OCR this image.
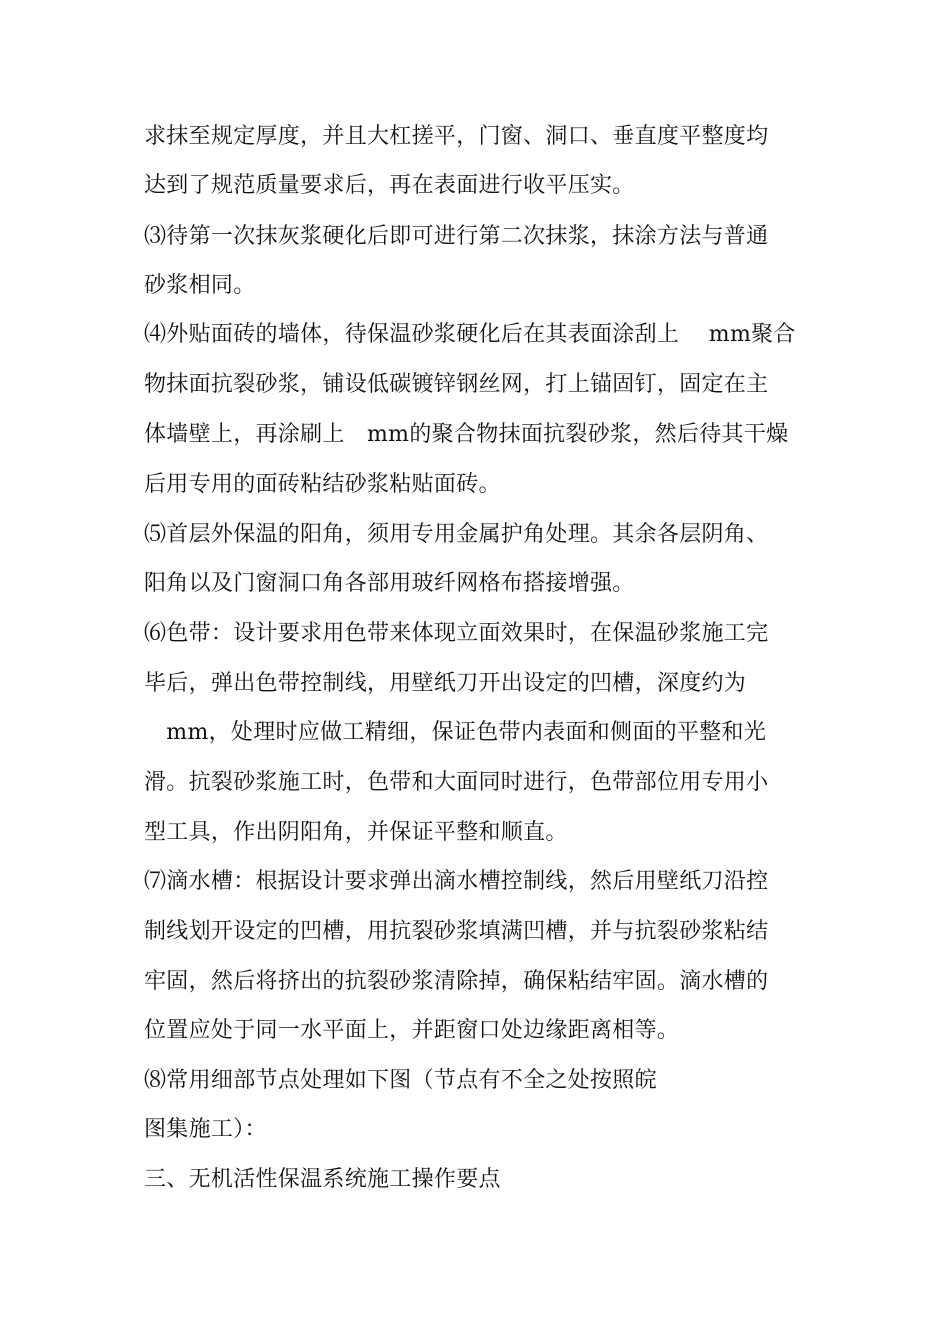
求抹至规定厚度，并且大杠搓平，门窗、洞口、垂直度平整度均
达到了规范质量要求后，再在表面进行收平压实。
⑶待第一次抹灰浆硬化后即可进行第二次抹浆，抹涂方法与普通
砂浆相同。
⑷外贴面砖的墙体，待保温砂浆硬化后在其表面涂刮上　 mm聚合
物抹面抗裂砂浆，铺设低碳镀锌钢丝网，打上锚固钉，固定在主
体墙壁上，再涂刷上　mm的聚合物抹面抗裂砂浆，然后待其干燥
后用专用的面砖粘结砂浆粘贴面砖。
⑸首层外保温的阳角，须用专用金属护角处理。其余各层阴角、
阳角以及门窗洞口角各部用玻纤网格布搭接增强。
⑹色带：设计要求用色带来体现立面效果时，在保温砂浆施工完
毕后，弹出色带控制线，用壁纸刀开出设定的凹槽，深度约为
　mm，处理时应做工精细，保证色带内表面和侧面的平整和光
滑。抗裂砂浆施工时，色带和大面同时进行，色带部位用专用小
型工具，作出阴阳角，并保证平整和顺直。
⑺滴水槽：根据设计要求弹出滴水槽控制线，然后用壁纸刀沿控
制线划开设定的凹槽，用抗裂砂浆填满凹槽，并与抗裂砂浆粘结
牢固，然后将挤出的抗裂砂浆清除掉，确保粘结牢固。滴水槽的
位置应处于同一水平面上，并距窗口处边缘距离相等。
⑻常用细部节点处理如下图（节点有不全之处按照皖
图集施工）：
三、无机活性保温系统施工操作要点
